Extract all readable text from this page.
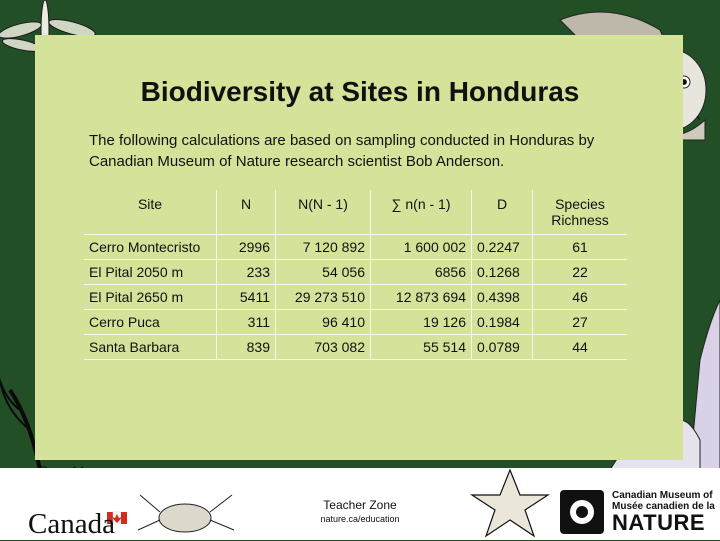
Biodiversity at Sites in Honduras
The following calculations are based on sampling conducted in Honduras by Canadian Museum of Nature research scientist Bob Anderson.
Site	N	N(N - 1)	∑ n(n - 1)	D	Species Richness
Cerro Montecristo	2996	7 120 892	1 600 002	0.2247	61
El Pital 2050 m	233	54 056	6856	0.1268	22
El Pital 2650 m	5411	29 273 510	12 873 694	0.4398	46
Cerro Puca	311	96 410	19 126	0.1984	27
Santa Barbara	839	703 082	55 514	0.0789	44
Canada
Teacher Zone
nature.ca/education
Canadian Museum of
Musée canadien de la
NATURE
